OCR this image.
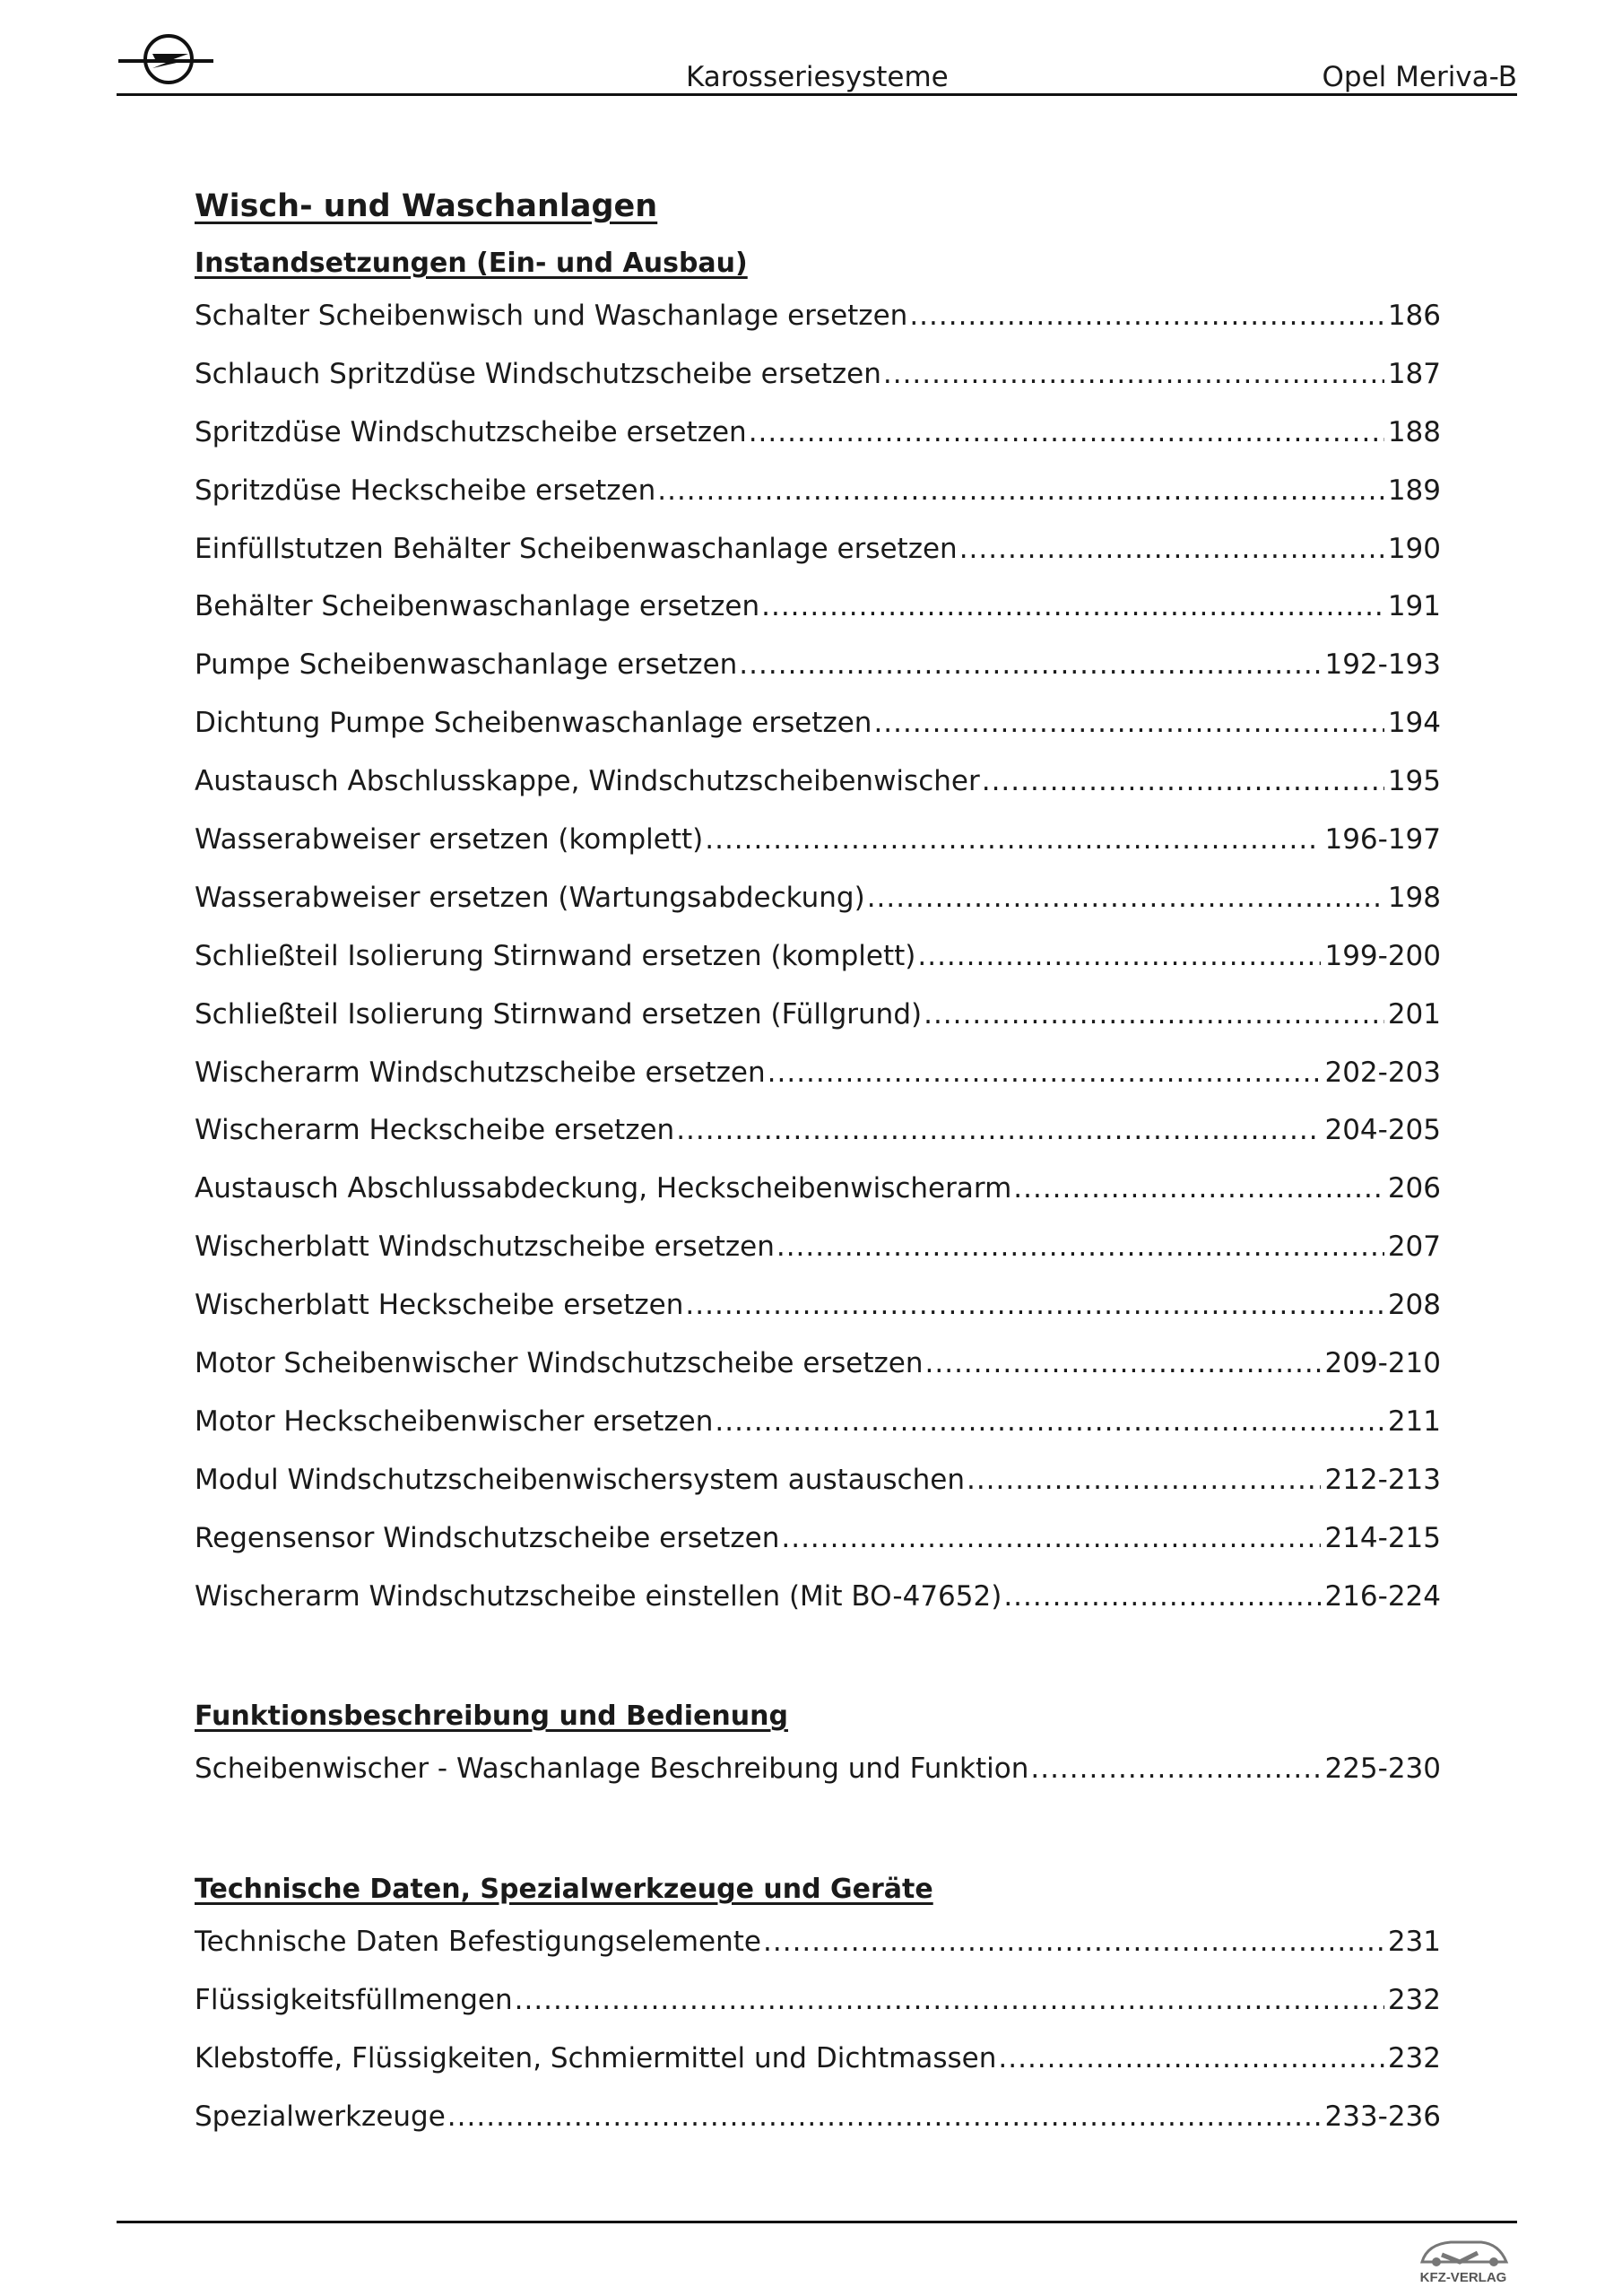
Karosseriesysteme	Opel Meriva-B
Wisch- und Waschanlagen
Instandsetzungen (Ein- und Ausbau)
Schalter Scheibenwisch und Waschanlage ersetzen .....	186
Schlauch Spritzdüse Windschutzscheibe ersetzen .....	187
Spritzdüse Windschutzscheibe ersetzen .....	188
Spritzdüse Heckscheibe ersetzen .....	189
Einfüllstutzen Behälter Scheibenwaschanlage ersetzen .....	190
Behälter Scheibenwaschanlage ersetzen .....	191
Pumpe Scheibenwaschanlage ersetzen .....	192-193
Dichtung Pumpe Scheibenwaschanlage ersetzen .....	194
Austausch Abschlusskappe, Windschutzscheibenwischer .....	195
Wasserabweiser ersetzen (komplett) .....	196-197
Wasserabweiser ersetzen (Wartungsabdeckung) .....	198
Schließteil Isolierung Stirnwand ersetzen (komplett) .....	199-200
Schließteil Isolierung Stirnwand ersetzen (Füllgrund) .....	201
Wischerarm Windschutzscheibe ersetzen .....	202-203
Wischerarm Heckscheibe ersetzen .....	204-205
Austausch Abschlussabdeckung, Heckscheibenwischerarm .....	206
Wischerblatt Windschutzscheibe ersetzen .....	207
Wischerblatt Heckscheibe ersetzen .....	208
Motor Scheibenwischer Windschutzscheibe ersetzen .....	209-210
Motor Heckscheibenwischer ersetzen .....	211
Modul Windschutzscheibenwischersystem austauschen .....	212-213
Regensensor Windschutzscheibe ersetzen .....	214-215
Wischerarm Windschutzscheibe einstellen (Mit BO-47652) .....	216-224
Funktionsbeschreibung und Bedienung
Scheibenwischer - Waschanlage Beschreibung und Funktion .....	225-230
Technische Daten, Spezialwerkzeuge und Geräte
Technische Daten Befestigungselemente .....	231
Flüssigkeitsfüllmengen .....	232
Klebstoffe, Flüssigkeiten, Schmiermittel und Dichtmassen .....	232
Spezialwerkzeuge .....	233-236
KFZ-VERLAG
